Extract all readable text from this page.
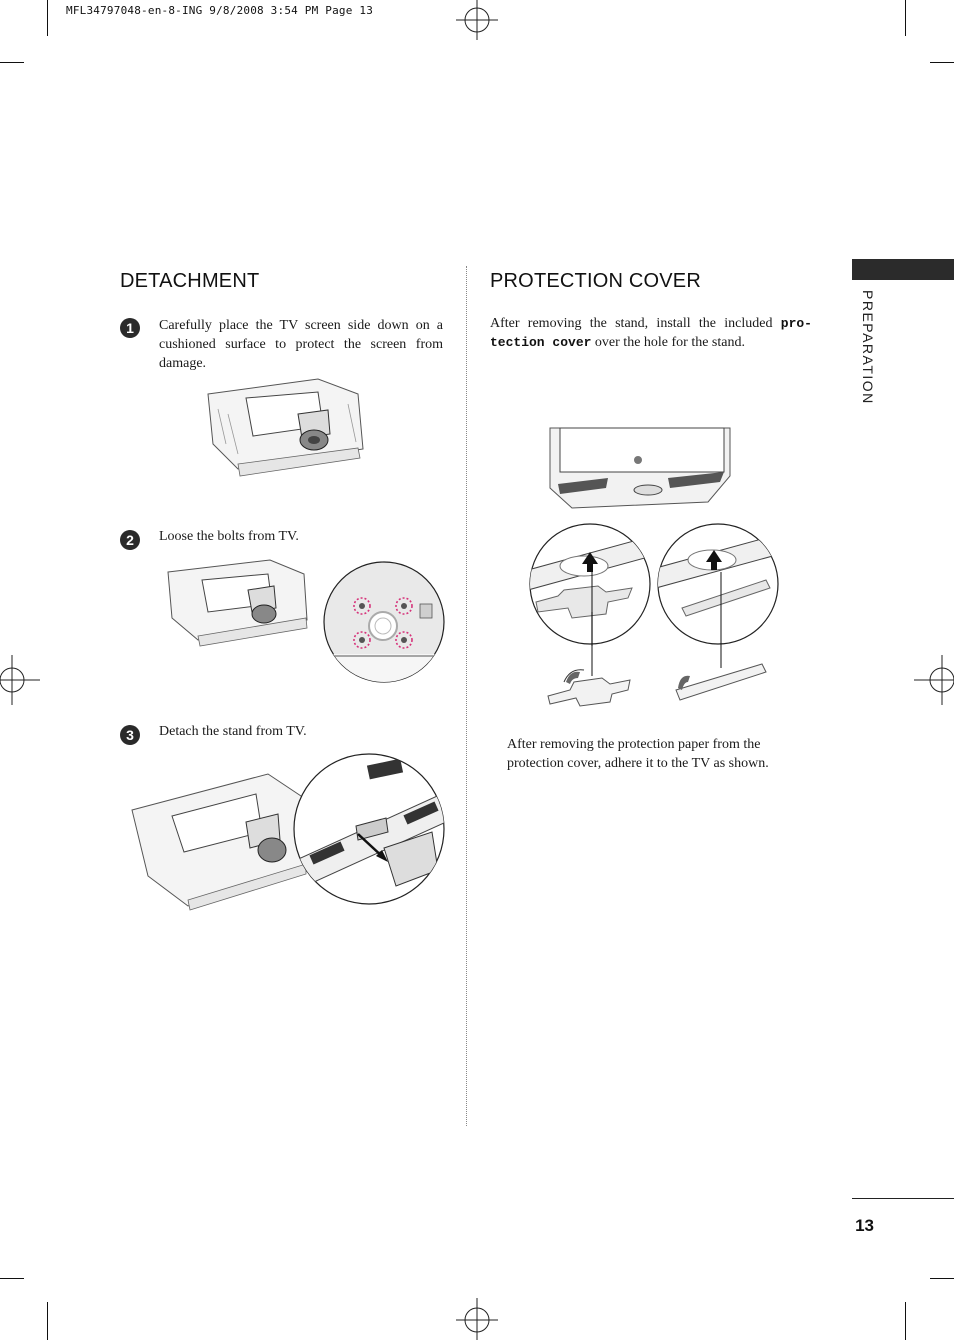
MFL34797048-en-8-ING 9/8/2008 3:54 PM Page 13
PREPARATION
DETACHMENT
1	Carefully place the TV screen side down on a cushioned surface to protect the screen from damage.
2	Loose the bolts from TV.
3	Detach the stand from TV.
PROTECTION COVER
After removing the stand, install the included pro-tection cover over the hole for the stand.
After removing the protection paper from the protection cover, adhere it to the TV as shown.
13
